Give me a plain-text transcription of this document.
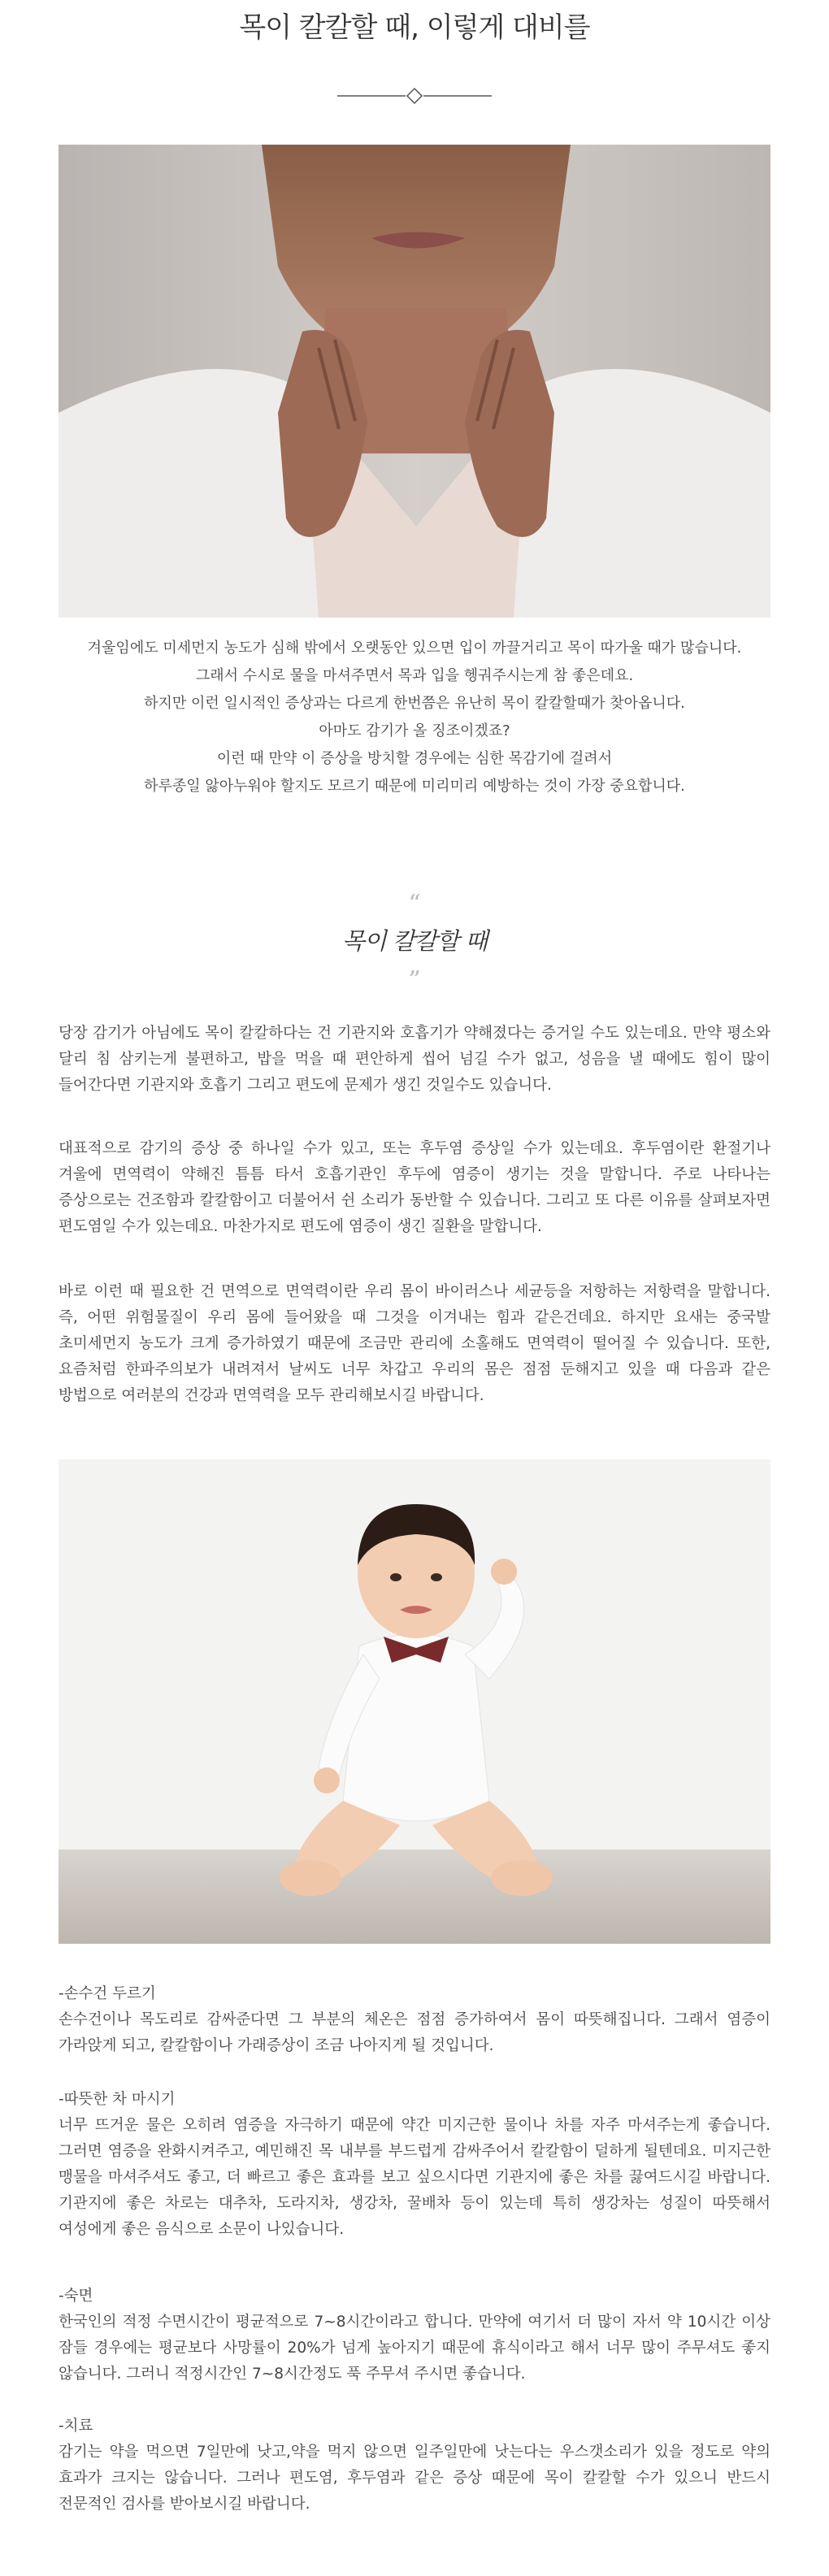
목이 칼칼할 때, 이렇게 대비를

겨울임에도 미세먼지 농도가 심해 밖에서 오랫동안 있으면 입이 까끌거리고 목이 따가울 때가 많습니다.

그래서 수시로 물을 마셔주면서 목과 입을 헹궈주시는게 참 좋은데요.

하지만 이런 일시적인 증상과는 다르게 한번쯤은 유난히 목이 칼칼할때가 찾아옵니다.

아마도 감기가 올 징조이겠죠?

이런 때 만약 이 증상을 방치할 경우에는 심한 목감기에 걸려서

하루종일 앓아누워야 할지도 모르기 때문에 미리미리 예방하는 것이 가장 중요합니다.

“
목이 칼칼할 때
”
당장 감기가 아님에도 목이 칼칼하다는 건 기관지와 호흡기가 약해졌다는 증거일 수도 있는데요. 만약 평소와 달리 침 삼키는게 불편하고, 밥을 먹을 때 편안하게 씹어 넘길 수가 없고, 성음을 낼 때에도 힘이 많이 들어간다면 기관지와 호흡기 그리고 편도에 문제가 생긴 것일수도 있습니다.
대표적으로 감기의 증상 중 하나일 수가 있고, 또는 후두염 증상일 수가 있는데요. 후두염이란 환절기나 겨울에 면역력이 약해진 틈틈 타서 호흡기관인 후두에 염증이 생기는 것을 말합니다. 주로 나타나는 증상으로는 건조함과 칼칼함이고 더불어서 쉰 소리가 동반할 수 있습니다. 그리고 또 다른 이유를 살펴보자면 편도염일 수가 있는데요. 마찬가지로 편도에 염증이 생긴 질환을 말합니다.
바로 이런 때 필요한 건 면역으로 면역력이란 우리 몸이 바이러스나 세균등을 저항하는 저항력을 말합니다. 즉, 어떤 위험물질이 우리 몸에 들어왔을 때 그것을 이겨내는 힘과 같은건데요. 하지만 요새는 중국발 초미세먼지 농도가 크게 증가하였기 때문에 조금만 관리에 소홀해도 면역력이 떨어질 수 있습니다. 또한, 요즘처럼 한파주의보가 내려져서 날씨도 너무 차갑고 우리의 몸은 점점 둔해지고 있을 때 다음과 같은 방법으로 여러분의 건강과 면역력을 모두 관리해보시길 바랍니다.
-손수건 두르기

손수건이나 목도리로 감싸준다면 그 부분의 체온은 점점 증가하여서 몸이 따뜻해집니다. 그래서 염증이 가라앉게 되고, 칼칼함이나 가래증상이 조금 나아지게 될 것입니다.

-따뜻한 차 마시기

너무 뜨거운 물은 오히려 염증을 자극하기 때문에 약간 미지근한 물이나 차를 자주 마셔주는게 좋습니다. 그러면 염증을 완화시켜주고, 예민해진 목 내부를 부드럽게 감싸주어서 칼칼함이 덜하게 될텐데요. 미지근한 맹물을 마셔주셔도 좋고, 더 빠르고 좋은 효과를 보고 싶으시다면 기관지에 좋은 차를 끓여드시길 바랍니다. 기관지에 좋은 차로는 대추차, 도라지차, 생강차, 꿀배차 등이 있는데 특히 생강차는 성질이 따뜻해서 여성에게 좋은 음식으로 소문이 나있습니다.

-숙면

한국인의 적정 수면시간이 평균적으로 7~8시간이라고 합니다. 만약에 여기서 더 많이 자서 약 10시간 이상 잠들 경우에는 평균보다 사망률이 20%가 넘게 높아지기 때문에 휴식이라고 해서 너무 많이 주무셔도 좋지 않습니다. 그러니 적정시간인 7~8시간정도 푹 주무셔 주시면 좋습니다.

-치료

감기는 약을 먹으면 7일만에 낫고,약을 먹지 않으면 일주일만에 낫는다는 우스갯소리가 있을 정도로 약의 효과가 크지는 않습니다. 그러나 편도염, 후두염과 같은 증상 때문에 목이 칼칼할 수가 있으니 반드시 전문적인 검사를 받아보시길 바랍니다.
